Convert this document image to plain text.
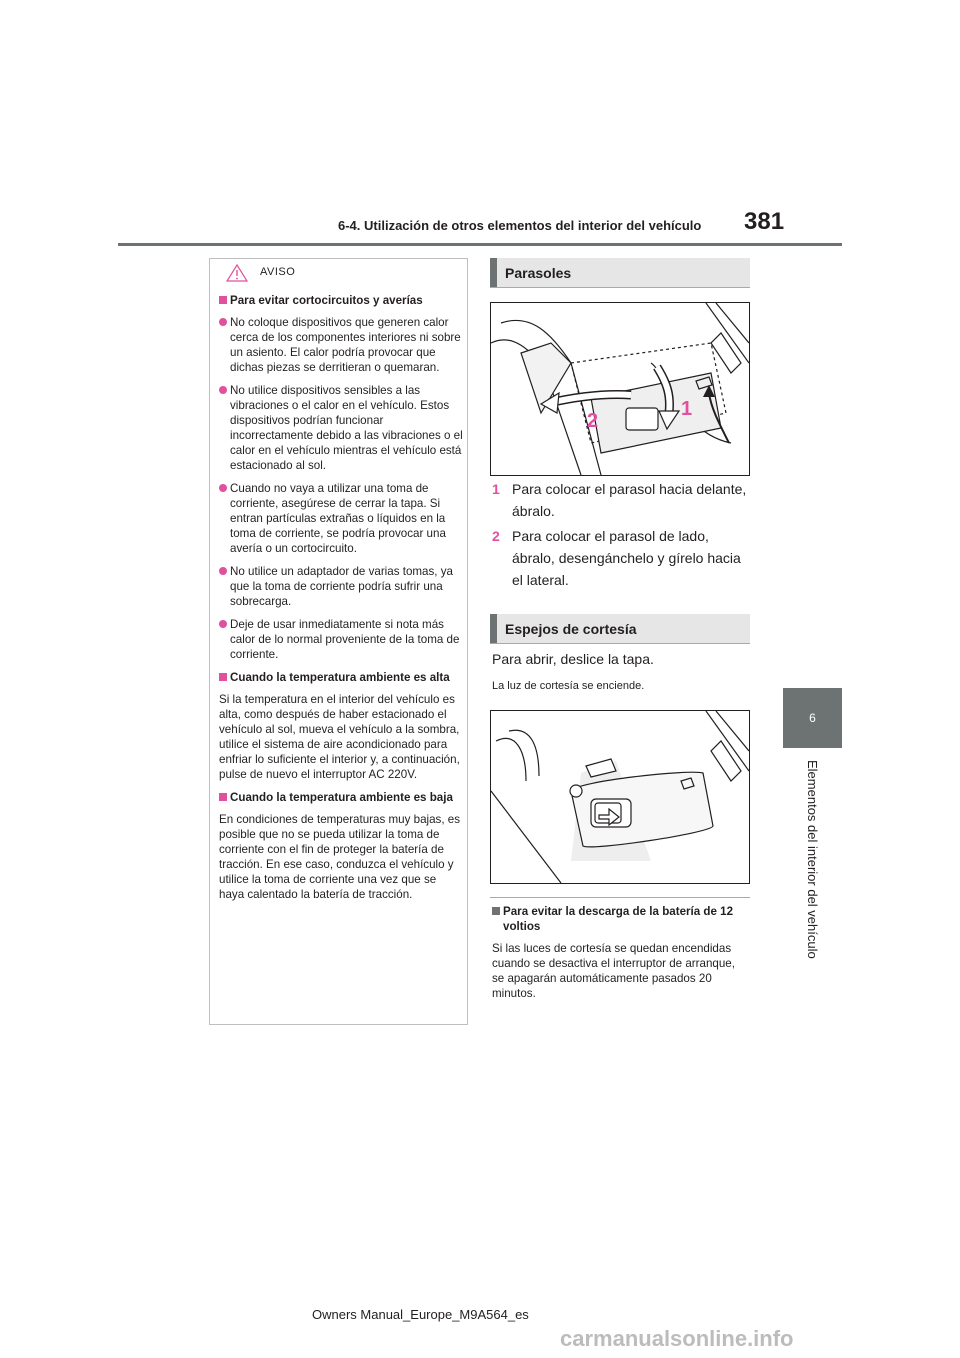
6-4. Utilización de otros elementos del interior del vehículo	381
6
Elementos del interior del vehículo
AVISO
Para evitar cortocircuitos y averías
No coloque dispositivos que generen calor cerca de los componentes interiores ni sobre un asiento. El calor podría provocar que dichas piezas se derritieran o quemaran.
No utilice dispositivos sensibles a las vibraciones o el calor en el vehículo. Estos dispositivos podrían funcionar incorrectamente debido a las vibraciones o el calor en el vehículo mientras el vehículo está estacionado al sol.
Cuando no vaya a utilizar una toma de corriente, asegúrese de cerrar la tapa. Si entran partículas extrañas o líquidos en la toma de corriente, se podría provocar una avería o un cortocircuito.
No utilice un adaptador de varias tomas, ya que la toma de corriente podría sufrir una sobrecarga.
Deje de usar inmediatamente si nota más calor de lo normal proveniente de la toma de corriente.
Cuando la temperatura ambiente es alta
Si la temperatura en el interior del vehículo es alta, como después de haber estacionado el vehículo al sol, mueva el vehículo a la sombra, utilice el sistema de aire acondicionado para enfriar lo suficiente el interior y, a continuación, pulse de nuevo el interruptor AC 220V.
Cuando la temperatura ambiente es baja
En condiciones de temperaturas muy bajas, es posible que no se pueda utilizar la toma de corriente con el fin de proteger la batería de tracción. En ese caso, conduzca el vehículo y utilice la toma de corriente una vez que se haya calentado la batería de tracción.
Parasoles
1
2
1 Para colocar el parasol hacia delante, ábralo.
2 Para colocar el parasol de lado, ábralo, desengánchelo y gírelo hacia el lateral.
Espejos de cortesía
Para abrir, deslice la tapa.
La luz de cortesía se enciende.
Para evitar la descarga de la batería de 12 voltios
Si las luces de cortesía se quedan encendidas cuando se desactiva el interruptor de arranque, se apagarán automáticamente pasados 20 minutos.
Owners Manual_Europe_M9A564_es
carmanualsonline.info
